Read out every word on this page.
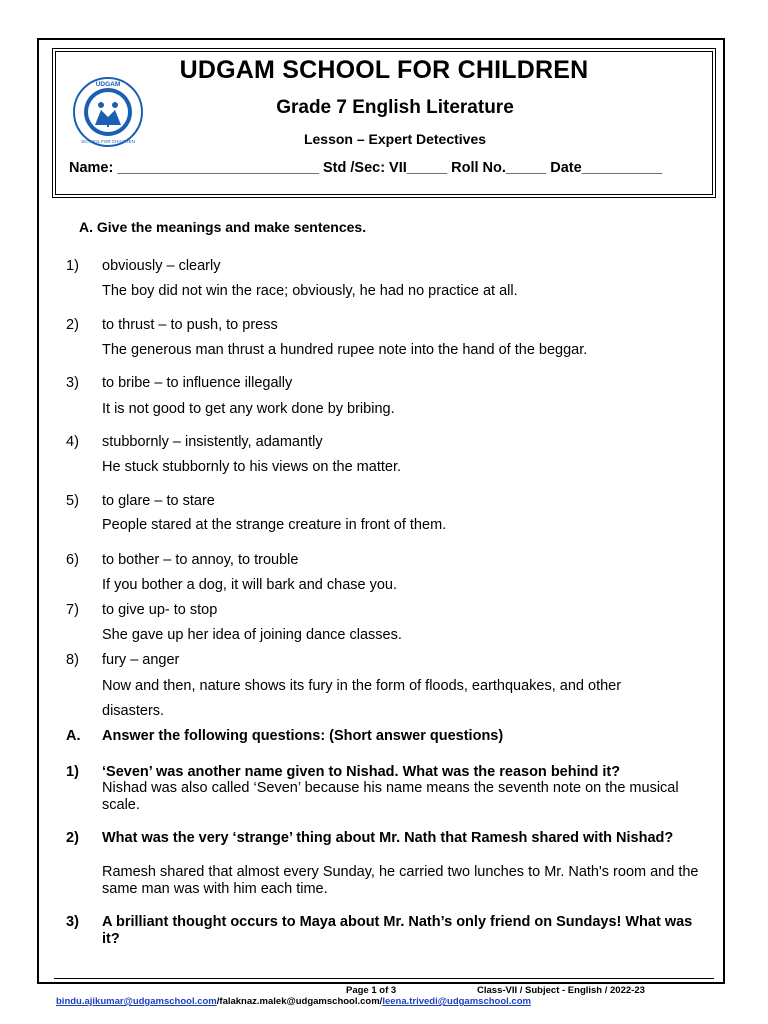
UDGAM
SCHOOL FOR CHILDREN
UDGAM SCHOOL FOR CHILDREN
Grade 7 English Literature
Lesson – Expert Detectives
Name: _________________________ Std /Sec: VII_____ Roll No._____ Date__________
A. Give the meanings and make sentences.
1) obviously – clearly
The boy did not win the race; obviously, he had no practice at all.
2) to thrust – to push, to press
The generous man thrust a hundred rupee note into the hand of the beggar.
3) to bribe – to influence illegally
It is not good to get any work done by bribing.
4) stubbornly – insistently, adamantly
He stuck stubbornly to his views on the matter.
5) to glare – to stare
People stared at the strange creature in front of them.
6) to bother – to annoy, to trouble
If you bother a dog, it will bark and chase you.
7) to give up- to stop
She gave up her idea of joining dance classes.
8) fury – anger
Now and then, nature shows its fury in the form of floods, earthquakes, and other
disasters.
A. Answer the following questions: (Short answer questions)
1) ‘Seven’ was another name given to Nishad. What was the reason behind it?
Nishad was also called ‘Seven’ because his name means the seventh note on the musical scale.
2) What was the very ‘strange’ thing about Mr. Nath that Ramesh shared with Nishad?
Ramesh shared that almost every Sunday, he carried two lunches to Mr. Nath's room and the same man was with him each time.
3) A brilliant thought occurs to Maya about Mr. Nath’s only friend on Sundays! What was it?
Page 1 of 3	Class-VII / Subject - English / 2022-23
bindu.ajikumar@udgamschool.com/falaknaz.malek@udgamschool.com/leena.trivedi@udgamschool.com
